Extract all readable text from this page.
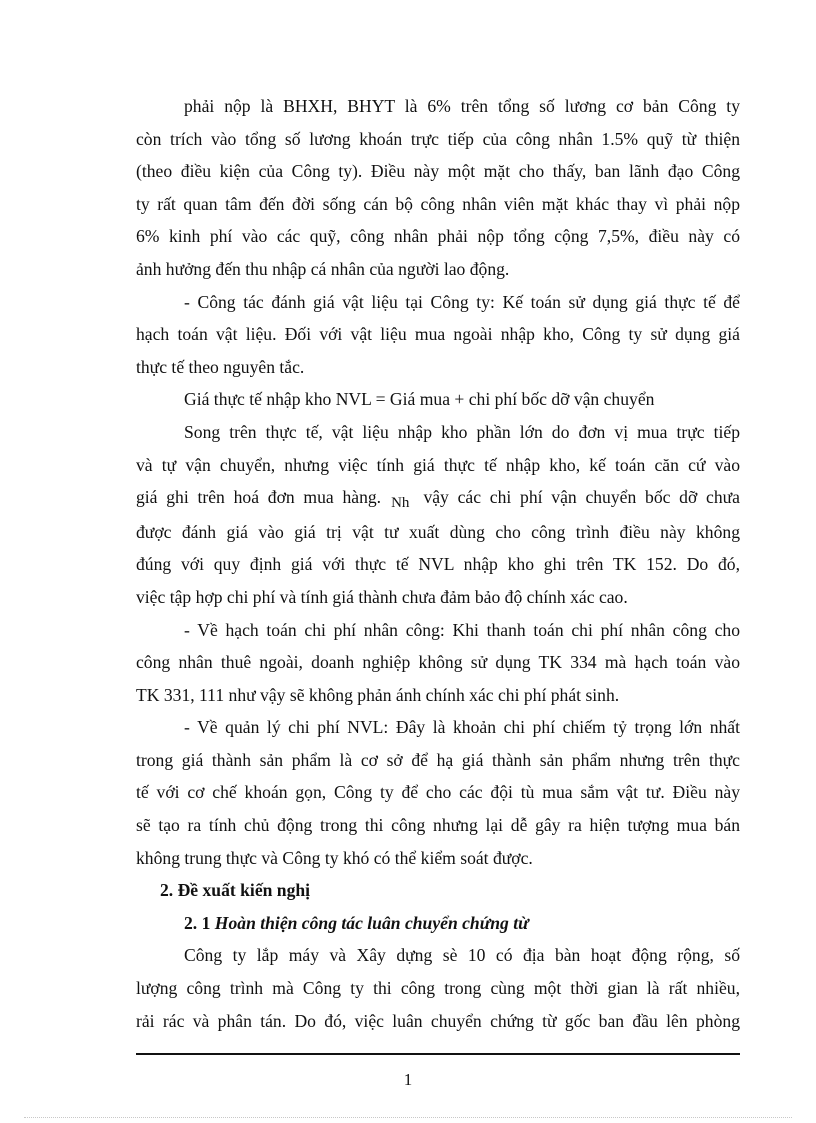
phải nộp là BHXH, BHYT là 6% trên tổng số lương cơ bản Công ty
còn trích vào tổng số lương khoán trực tiếp của công nhân 1.5% quỹ từ thiện
(theo điều kiện của Công ty). Điều này một mặt cho thấy, ban lãnh đạo Công
ty rất quan tâm đến đời sống cán bộ công nhân viên mặt khác thay vì phải nộp
6% kinh phí vào các quỹ, công nhân phải nộp tổng cộng 7,5%, điều này có
ảnh hưởng đến thu nhập cá nhân của người lao động.

- Công tác đánh giá vật liệu tại Công ty: Kế toán sử dụng giá thực tế để
hạch toán vật liệu. Đối với vật liệu mua ngoài nhập kho, Công ty sử dụng giá
thực tế theo nguyên tắc.

Giá thực tế nhập kho NVL = Giá mua + chi phí bốc dỡ vận chuyển

Song trên thực tế, vật liệu nhập kho phần lớn do đơn vị mua trực tiếp
và tự vận chuyển, nhưng việc tính giá thực tế nhập kho, kế toán căn cứ vào
giá ghi trên hoá đơn mua hàng. Nh vậy các chi phí vận chuyển bốc dỡ chưa
được đánh giá vào giá trị vật tư xuất dùng cho công trình điều này không
đúng với quy định giá với thực tế NVL nhập kho ghi trên TK 152. Do đó,
việc tập hợp chi phí và tính giá thành chưa đảm bảo độ chính xác cao.

- Về hạch toán chi phí nhân công: Khi thanh toán chi phí nhân công cho
công nhân thuê ngoài, doanh nghiệp không sử dụng TK 334 mà hạch toán vào
TK 331, 111 như vậy sẽ không phản ánh chính xác chi phí phát sinh.

- Về quản lý chi phí NVL: Đây là khoản chi phí chiếm tỷ trọng lớn nhất
trong giá thành sản phẩm là cơ sở để hạ giá thành sản phẩm nhưng trên thực
tế với cơ chế khoán gọn, Công ty để cho các đội tù mua sắm vật tư. Điều này
sẽ tạo ra tính chủ động trong thi công nhưng lại dễ gây ra hiện tượng mua bán
không trung thực và Công ty khó có thể kiểm soát được.

2. Đề xuất kiến nghị

2. 1 Hoàn thiện công tác luân chuyển chứng từ

Công ty lắp máy và Xây dựng sè 10 có địa bàn hoạt động rộng, số
lượng công trình mà Công ty thi công trong cùng một thời gian là rất nhiều,
rải rác và phân tán. Do đó, việc luân chuyển chứng từ gốc ban đầu lên phòng

1
